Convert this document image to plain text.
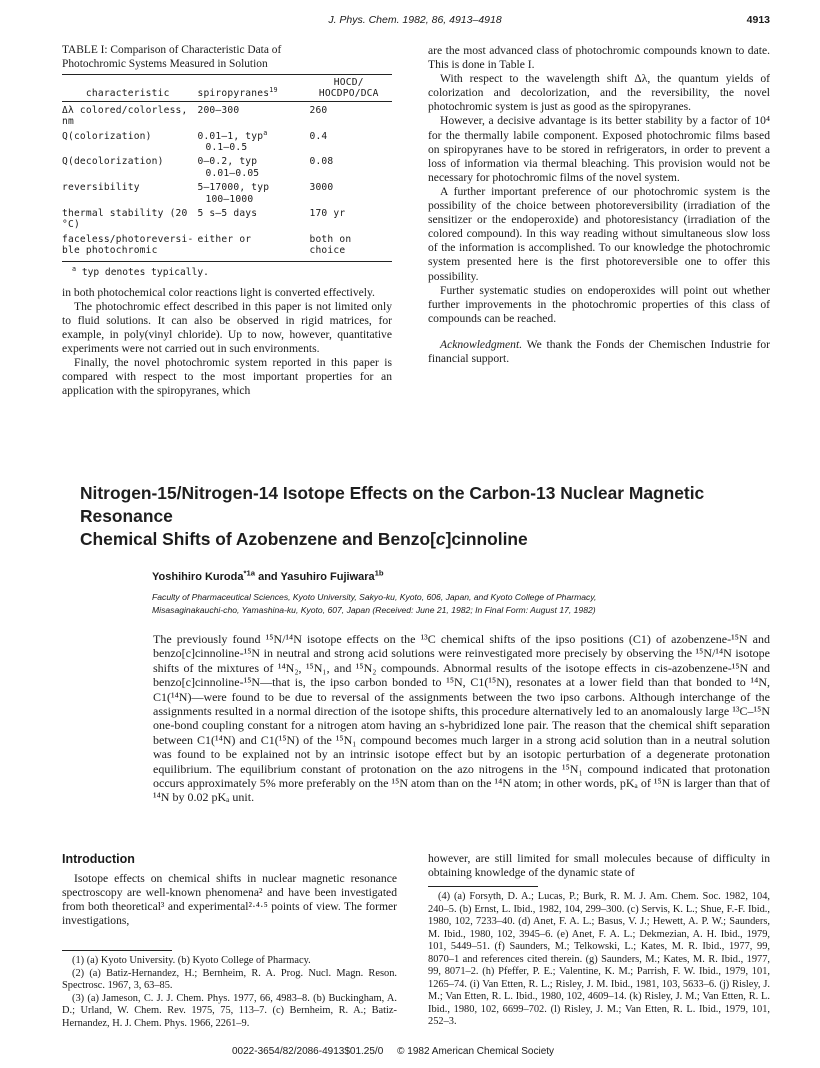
J. Phys. Chem. 1982, 86, 4913–4918	4913
TABLE I: Comparison of Characteristic Data of
Photochromic Systems Measured in Solution
characteristic	spiropyranes$^{19}$	HOCD/
HOCDPO/DCA

Δλ colored/colorless, nm	200–300	260
Q(colorization)	0.01–1, typ$^a$
0.1–0.5	0.4
Q(decolorization)	0–0.2, typ
0.01–0.05	0.08
reversibility	5–17000, typ
100–1000	3000
thermal stability (20 °C)	5 s–5 days	170 yr
faceless/photoreversi- ble photochromic	either or	both on choice
$^a$ typ denotes typically.

in both photochemical color reactions light is converted effectively.

The photochromic effect described in this paper is not limited only to fluid solutions. It can also be observed in rigid matrices, for example, in poly(vinyl chloride). Up to now, however, quantitative experiments were not carried out in such environments.

Finally, the novel photochromic system reported in this paper is compared with respect to the most important properties for an application with the spiropyranes, which

are the most advanced class of photochromic compounds known to date. This is done in Table I.

With respect to the wavelength shift Δλ, the quantum yields of colorization and decolorization, and the reversibility, the novel photochromic system is just as good as the spiropyranes.

However, a decisive advantage is its better stability by a factor of 10⁴ for the thermally labile component. Exposed photochromic films based on spiropyranes have to be stored in refrigerators, in order to prevent a loss of information via thermal bleaching. This provision would not be necessary for photochromic films of the novel system.

A further important preference of our photochromic system is the possibility of the choice between photoreversibility (irradiation of the sensitizer or the endoperoxide) and photoresistancy (irradiation of the colored compound). In this way reading without simultaneous slow loss of the information is accomplished. To our knowledge the photochromic system presented here is the first photoreversible one to offer this possibility.

Further systematic studies on endoperoxides will point out whether further improvements in the photochromic properties of this class of compounds can be reached.

Acknowledgment. We thank the Fonds der Chemischen Industrie for financial support.

Nitrogen-15/Nitrogen-14 Isotope Effects on the Carbon-13 Nuclear Magnetic Resonance
Chemical Shifts of Azobenzene and Benzo[c]cinnoline
Yoshihiro Kuroda$^{*1a}$ and Yasuhiro Fujiwara$^{1b}$
Faculty of Pharmaceutical Sciences, Kyoto University, Sakyo-ku, Kyoto, 606, Japan, and Kyoto College of Pharmacy,
Misasaginakauchi-cho, Yamashina-ku, Kyoto, 607, Japan (Received: June 21, 1982; In Final Form: August 17, 1982)
The previously found ¹⁵N/¹⁴N isotope effects on the ¹³C chemical shifts of the ipso positions (C1) of azobenzene-¹⁵N and benzo[c]cinnoline-¹⁵N in neutral and strong acid solutions were reinvestigated more precisely by observing the ¹⁵N/¹⁴N isotope shifts of the mixtures of ¹⁴N₂, ¹⁵N₁, and ¹⁵N₂ compounds. Abnormal results of the isotope effects in cis-azobenzene-¹⁵N and benzo[c]cinnoline-¹⁵N—that is, the ipso carbon bonded to ¹⁵N, C1(¹⁵N), resonates at a lower field than that bonded to ¹⁴N, C1(¹⁴N)—were found to be due to reversal of the assignments between the two ipso carbons. Although interchange of the assignments resulted in a normal direction of the isotope shifts, this procedure alternatively led to an anomalously large ¹³C–¹⁵N one-bond coupling constant for a nitrogen atom having an s-hybridized lone pair. The reason that the chemical shift separation between C1(¹⁴N) and C1(¹⁵N) of the ¹⁵N₁ compound becomes much larger in a strong acid solution than in a neutral solution was found to be explained not by an intrinsic isotope effect but by an isotopic perturbation of a degenerate protonation equilibrium. The equilibrium constant of protonation on the azo nitrogens in the ¹⁵N₁ compound indicated that protonation occurs approximately 5% more preferably on the ¹⁵N atom than on the ¹⁴N atom; in other words, pKₐ of ¹⁵N is larger than that of ¹⁴N by 0.02 pKₐ unit.
Introduction

Isotope effects on chemical shifts in nuclear magnetic resonance spectroscopy are well-known phenomena² and have been investigated from both theoretical³ and experimental²·⁴·⁵ points of view. The former investigations,

(1) (a) Kyoto University. (b) Kyoto College of Pharmacy.
(2) (a) Batiz-Hernandez, H.; Bernheim, R. A. Prog. Nucl. Magn. Reson. Spectrosc. 1967, 3, 63–85.
(3) (a) Jameson, C. J. J. Chem. Phys. 1977, 66, 4983–8. (b) Buckingham, A. D.; Urland, W. Chem. Rev. 1975, 75, 113–7. (c) Bernheim, R. A.; Batiz-Hernandez, H. J. Chem. Phys. 1966, 2261–9.

however, are still limited for small molecules because of difficulty in obtaining knowledge of the dynamic state of

(4) (a) Forsyth, D. A.; Lucas, P.; Burk, R. M. J. Am. Chem. Soc. 1982, 104, 240–5. (b) Ernst, L. Ibid., 1982, 104, 299–300. (c) Servis, K. L.; Shue, F.-F. Ibid., 1980, 102, 7233–40. (d) Anet, F. A. L.; Basus, V. J.; Hewett, A. P. W.; Saunders, M. Ibid., 1980, 102, 3945–6. (e) Anet, F. A. L.; Dekmezian, A. H. Ibid., 1979, 101, 5449–51. (f) Saunders, M.; Telkowski, L.; Kates, M. R. Ibid., 1977, 99, 8070–1 and references cited therein. (g) Saunders, M.; Kates, M. R. Ibid., 1977, 99, 8071–2. (h) Pfeffer, P. E.; Valentine, K. M.; Parrish, F. W. Ibid., 1979, 101, 1265–74. (i) Van Etten, R. L.; Risley, J. M. Ibid., 1981, 103, 5633–6. (j) Risley, J. M.; Van Etten, R. L. Ibid., 1980, 102, 4609–14. (k) Risley, J. M.; Van Etten, R. L. Ibid., 1980, 102, 6699–702. (l) Risley, J. M.; Van Etten, R. L. Ibid., 1979, 101, 252–3.
0022-3654/82/2086-4913$01.25/0 © 1982 American Chemical Society
